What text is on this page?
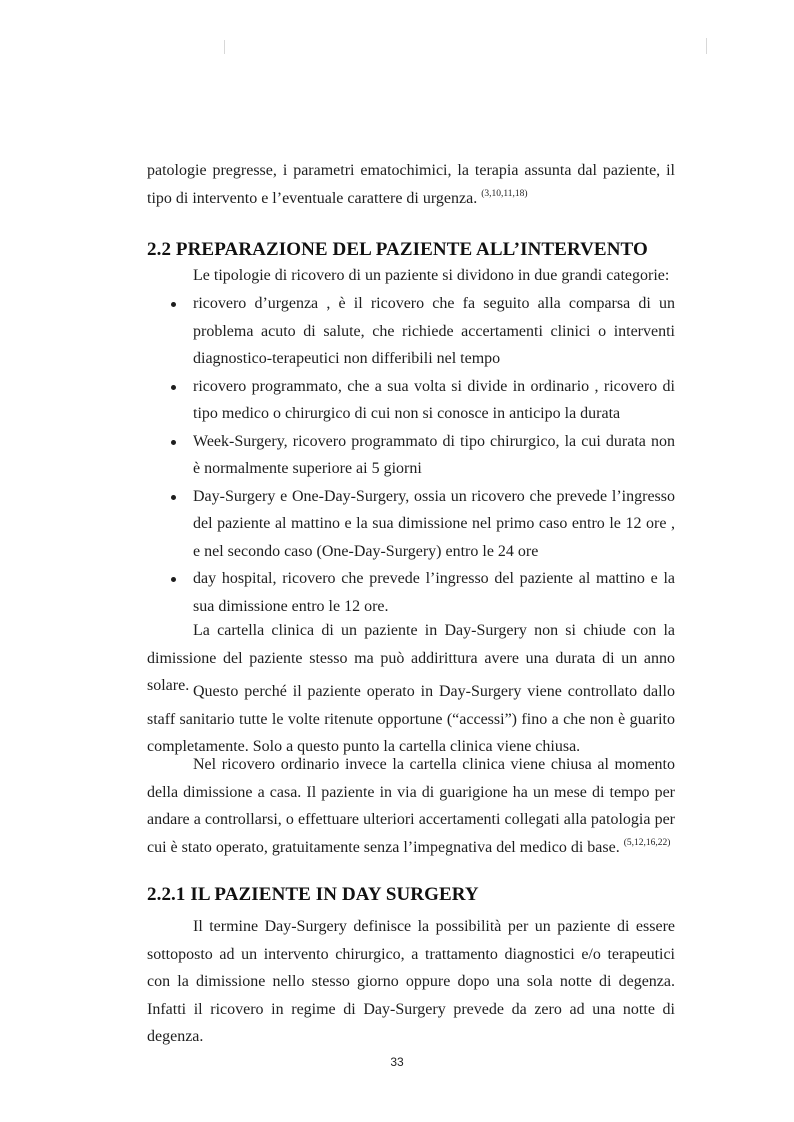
patologie pregresse, i parametri ematochimici, la terapia assunta dal paziente, il tipo di intervento e l’eventuale carattere di urgenza. $^{(3,10,11,18)}$

2.2 PREPARAZIONE DEL PAZIENTE ALL’INTERVENTO

Le tipologie di ricovero di un paziente si dividono in due grandi categorie:

ricovero d’urgenza , è il ricovero che fa seguito alla comparsa di un problema acuto di salute, che richiede accertamenti clinici o interventi diagnostico-terapeutici non differibili nel tempo
ricovero programmato, che a sua volta si divide in ordinario , ricovero di tipo medico o chirurgico di cui non si conosce in anticipo la durata
Week-Surgery, ricovero programmato di tipo chirurgico, la cui durata non è normalmente superiore ai 5 giorni
Day-Surgery e One-Day-Surgery, ossia un ricovero che prevede l’ingresso del paziente al mattino e la sua dimissione nel primo caso entro le 12 ore , e nel secondo caso (One-Day-Surgery) entro le 24 ore
day hospital, ricovero che prevede l’ingresso del paziente al mattino e la sua dimissione entro le 12 ore.

La cartella clinica di un paziente in Day-Surgery non si chiude con la dimissione del paziente stesso ma può addirittura avere una durata di un anno solare. Questo perché il paziente operato in Day-Surgery viene controllato dallo staff sanitario tutte le volte ritenute opportune (“accessi”) fino a che non è guarito completamente. Solo a questo punto la cartella clinica viene chiusa.

Nel ricovero ordinario invece la cartella clinica viene chiusa al momento della dimissione a casa. Il paziente in via di guarigione ha un mese di tempo per andare a controllarsi, o effettuare ulteriori accertamenti collegati alla patologia per cui è stato operato, gratuitamente senza l’impegnativa del medico di base. $^{(5,12,16,22)}$

2.2.1 IL PAZIENTE IN DAY SURGERY

Il termine Day-Surgery definisce la possibilità per un paziente di essere sottoposto ad un intervento chirurgico, a trattamento diagnostici e/o terapeutici con la dimissione nello stesso giorno oppure dopo una sola notte di degenza. Infatti il ricovero in regime di Day-Surgery prevede da zero ad una notte di degenza.

33
